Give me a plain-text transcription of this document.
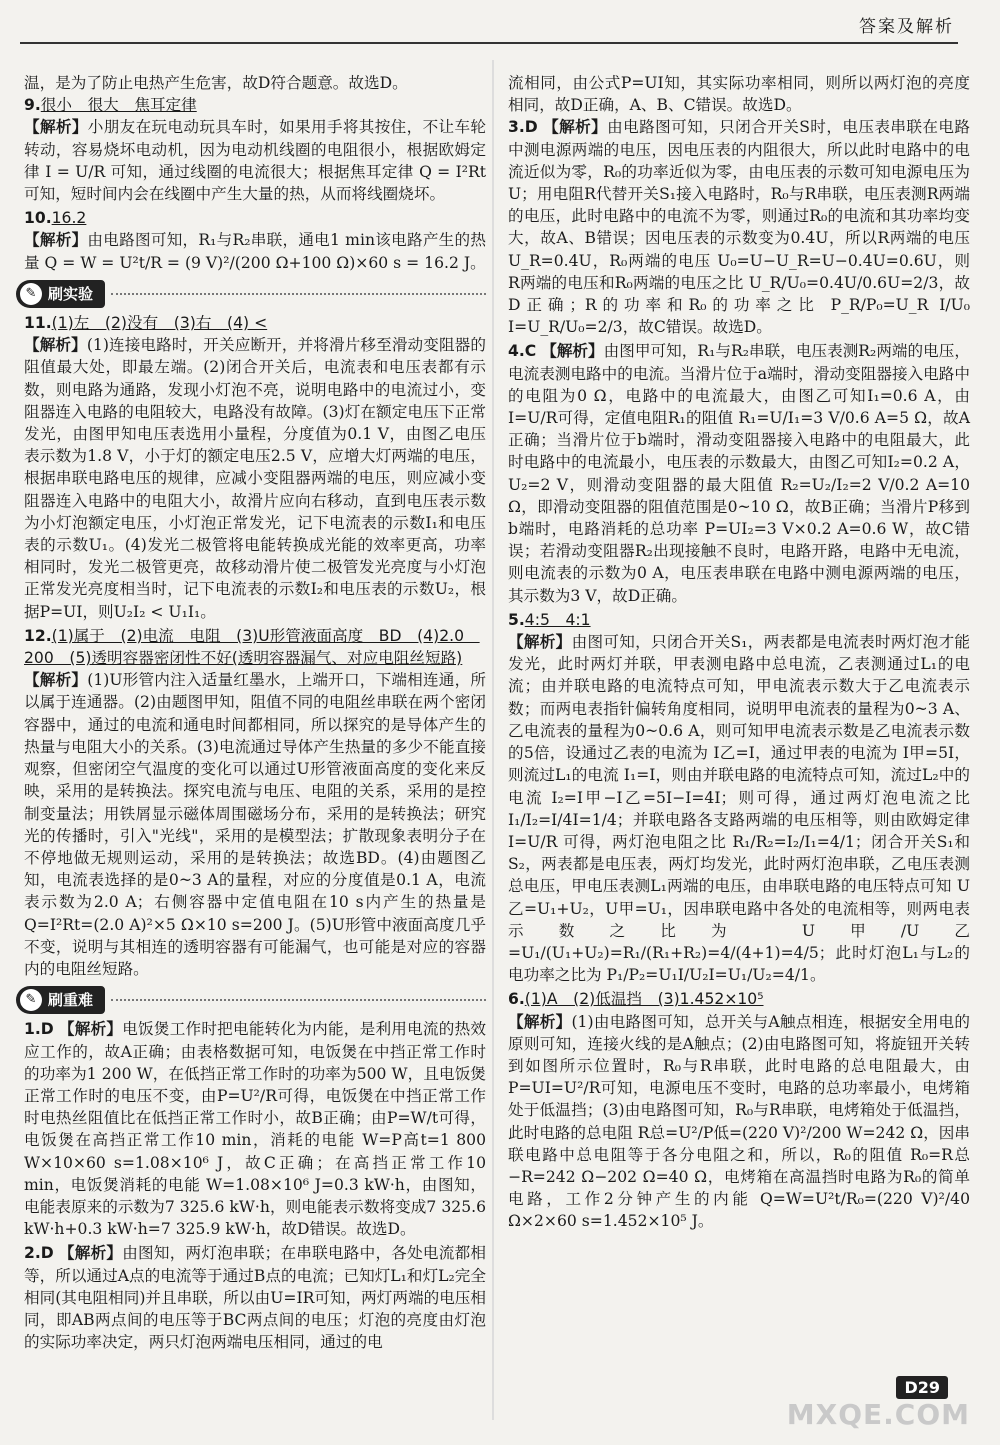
答案及解析

温，是为了防止电热产生危害，故D符合题意。故选D。

9.很小　很大　焦耳定律

【解析】小朋友在玩电动玩具车时，如果用手将其按住，不让车轮转动，容易烧坏电动机，因为电动机线圈的电阻很小，根据欧姆定律 I = U/R 可知，通过线圈的电流很大；根据焦耳定律 Q = I²Rt 可知，短时间内会在线圈中产生大量的热，从而将线圈烧坏。

10.16.2

【解析】由电路图可知，R₁与R₂串联，通电1 min该电路产生的热量 Q = W = U²t/R = (9 V)²/(200 Ω+100 Ω)×60 s = 16.2 J。

✎ 刷实验
11.(1)左　(2)没有　(3)右　(4) <

【解析】(1)连接电路时，开关应断开，并将滑片移至滑动变阻器的阻值最大处，即最左端。(2)闭合开关后，电流表和电压表都有示数，则电路为通路，发现小灯泡不亮，说明电路中的电流过小，变阻器连入电路的电阻较大，电路没有故障。(3)灯在额定电压下正常发光，由图甲知电压表选用小量程，分度值为0.1 V，由图乙电压表示数为1.8 V，小于灯的额定电压2.5 V，应增大灯两端的电压，根据串联电路电压的规律，应减小变阻器两端的电压，则应减小变阻器连入电路中的电阻大小，故滑片应向右移动，直到电压表示数为小灯泡额定电压，小灯泡正常发光，记下电流表的示数I₁和电压表的示数U₁。(4)发光二极管将电能转换成光能的效率更高，功率相同时，发光二极管更亮，故移动滑片使二极管发光亮度与小灯泡正常发光亮度相当时，记下电流表的示数I₂和电压表的示数U₂，根据P=UI，则U₂I₂ < U₁I₁。

12.(1)属于　(2)电流　电阻　(3)U形管液面高度　BD　(4)2.0　200　(5)透明容器密闭性不好(透明容器漏气、对应电阻丝短路)

【解析】(1)U形管内注入适量红墨水，上端开口，下端相连通，所以属于连通器。(2)由题图甲知，阻值不同的电阻丝串联在两个密闭容器中，通过的电流和通电时间都相同，所以探究的是导体产生的热量与电阻大小的关系。(3)电流通过导体产生热量的多少不能直接观察，但密闭空气温度的变化可以通过U形管液面高度的变化来反映，采用的是转换法。探究电流与电压、电阻的关系，采用的是控制变量法；用铁屑显示磁体周围磁场分布，采用的是转换法；研究光的传播时，引入"光线"，采用的是模型法；扩散现象表明分子在不停地做无规则运动，采用的是转换法；故选BD。(4)由题图乙知，电流表选择的是0~3 A的量程，对应的分度值是0.1 A，电流表示数为2.0 A；右侧容器中定值电阻在10 s内产生的热量是 Q=I²Rt=(2.0 A)²×5 Ω×10 s=200 J。(5)U形管中液面高度几乎不变，说明与其相连的透明容器有可能漏气，也可能是对应的容器内的电阻丝短路。

✎ 刷重难

1.D 【解析】电饭煲工作时把电能转化为内能，是利用电流的热效应工作的，故A正确；由表格数据可知，电饭煲在中挡正常工作时的功率为1 200 W，在低挡正常工作时的功率为500 W，且电饭煲正常工作时的电压不变，由P=U²/R可得，电饭煲在中挡正常工作时电热丝阻值比在低挡正常工作时小，故B正确；由P=W/t可得，电饭煲在高挡正常工作10 min，消耗的电能 W=P高t=1 800 W×10×60 s=1.08×10⁶ J，故C正确；在高挡正常工作10 min，电饭煲消耗的电能 W=1.08×10⁶ J=0.3 kW·h，由图知，电能表原来的示数为7 325.6 kW·h，则电能表示数将变成7 325.6 kW·h+0.3 kW·h=7 325.9 kW·h，故D错误。故选D。

2.D 【解析】由图知，两灯泡串联；在串联电路中，各处电流都相等，所以通过A点的电流等于通过B点的电流；已知灯L₁和灯L₂完全相同(其电阻相同)并且串联，所以由U=IR可知，两灯两端的电压相同，即AB两点间的电压等于BC两点间的电压；灯泡的亮度由灯泡的实际功率决定，两只灯泡两端电压相同，通过的电

流相同，由公式P=UI知，其实际功率相同，则所以两灯泡的亮度相同，故D正确，A、B、C错误。故选D。

3.D 【解析】由电路图可知，只闭合开关S时，电压表串联在电路中测电源两端的电压，因电压表的内阻很大，所以此时电路中的电流近似为零，R₀的功率近似为零，由电压表的示数可知电源电压为U；用电阻R代替开关S₁接入电路时，R₀与R串联，电压表测R两端的电压，此时电路中的电流不为零，则通过R₀的电流和其功率均变大，故A、B错误；因电压表的示数变为0.4U，所以R两端的电压 U_R=0.4U，R₀两端的电压 U₀=U−U_R=U−0.4U=0.6U，则R两端的电压和R₀两端的电压之比 U_R/U₀=0.4U/0.6U=2/3，故D正确；R的功率和R₀的功率之比 P_R/P₀=U_R I/U₀ I=U_R/U₀=2/3，故C错误。故选D。

4.C 【解析】由图甲可知，R₁与R₂串联，电压表测R₂两端的电压，电流表测电路中的电流。当滑片位于a端时，滑动变阻器接入电路中的电阻为0 Ω，电路中的电流最大，由图乙可知I₁=0.6 A，由I=U/R可得，定值电阻R₁的阻值 R₁=U/I₁=3 V/0.6 A=5 Ω，故A正确；当滑片位于b端时，滑动变阻器接入电路中的电阻最大，此时电路中的电流最小，电压表的示数最大，由图乙可知I₂=0.2 A，U₂=2 V，则滑动变阻器的最大阻值 R₂=U₂/I₂=2 V/0.2 A=10 Ω，即滑动变阻器的阻值范围是0~10 Ω，故B正确；当滑片P移到b端时，电路消耗的总功率 P=UI₂=3 V×0.2 A=0.6 W，故C错误；若滑动变阻器R₂出现接触不良时，电路开路，电路中无电流，则电流表的示数为0 A，电压表串联在电路中测电源两端的电压，其示数为3 V，故D正确。

5.4:5　4:1

【解析】由图可知，只闭合开关S₁，两表都是电流表时两灯泡才能发光，此时两灯并联，甲表测电路中总电流，乙表测通过L₁的电流；由并联电路的电流特点可知，甲电流表示数大于乙电流表示数；而两电表指针偏转角度相同，说明甲电流表的量程为0~3 A、乙电流表的量程为0~0.6 A，则可知甲电流表示数是乙电流表示数的5倍，设通过乙表的电流为 I乙=I，通过甲表的电流为 I甲=5I，则流过L₁的电流 I₁=I，则由并联电路的电流特点可知，流过L₂中的电流 I₂=I甲−I乙=5I−I=4I；则可得，通过两灯泡电流之比 I₁/I₂=I/4I=1/4；并联电路各支路两端的电压相等，则由欧姆定律 I=U/R 可得，两灯泡电阻之比 R₁/R₂=I₂/I₁=4/1；闭合开关S₁和S₂，两表都是电压表，两灯均发光，此时两灯泡串联，乙电压表测总电压，甲电压表测L₁两端的电压，由串联电路的电压特点可知 U乙=U₁+U₂，U甲=U₁，因串联电路中各处的电流相等，则两电表示数之比为 U甲/U乙=U₁/(U₁+U₂)=R₁/(R₁+R₂)=4/(4+1)=4/5；此时灯泡L₁与L₂的电功率之比为 P₁/P₂=U₁I/U₂I=U₁/U₂=4/1。

6.(1)A　(2)低温挡　(3)1.452×10⁵

【解析】(1)由电路图可知，总开关与A触点相连，根据安全用电的原则可知，连接火线的是A触点；(2)由电路图可知，将旋钮开关转到如图所示位置时，R₀与R串联，此时电路的总电阻最大，由P=UI=U²/R可知，电源电压不变时，电路的总功率最小，电烤箱处于低温挡；(3)由电路图可知，R₀与R串联，电烤箱处于低温挡，此时电路的总电阻 R总=U²/P低=(220 V)²/200 W=242 Ω，因串联电路中总电阻等于各分电阻之和，所以，R₀的阻值 R₀=R总−R=242 Ω−202 Ω=40 Ω，电烤箱在高温挡时电路为R₀的简单电路，工作2分钟产生的内能 Q=W=U²t/R₀=(220 V)²/40 Ω×2×60 s=1.452×10⁵ J。

D29
MXQE.COM
